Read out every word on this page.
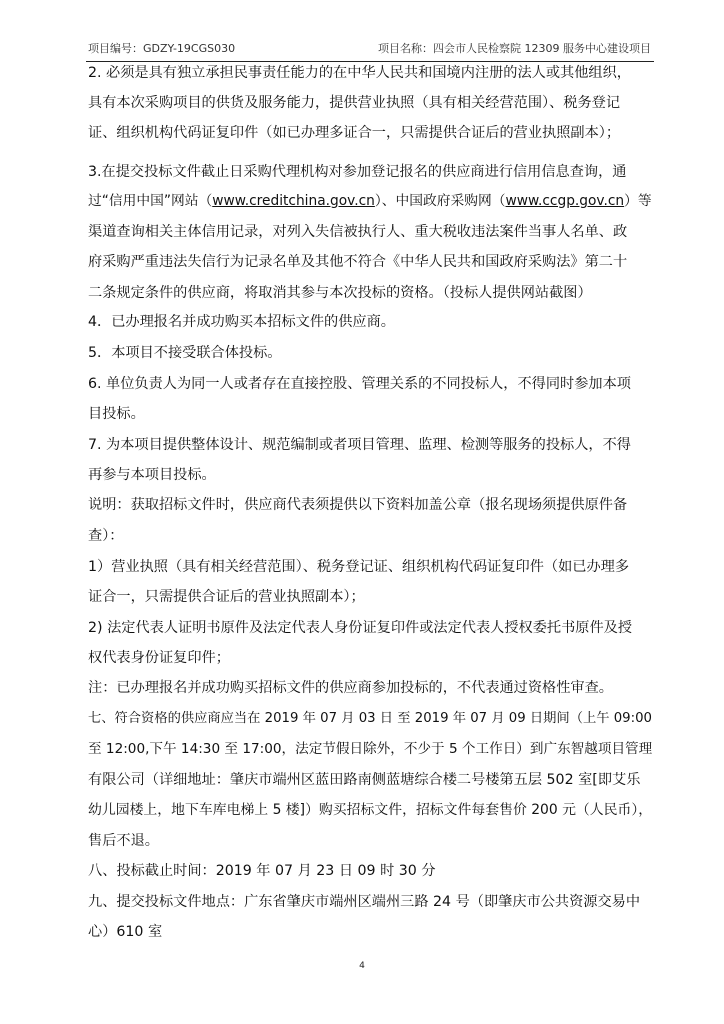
项目编号：GDZY-19CGS030	项目名称：四会市人民检察院 12309 服务中心建设项目
2. 必须是具有独立承担民事责任能力的在中华人民共和国境内注册的法人或其他组织，
具有本次采购项目的供货及服务能力，提供营业执照（具有相关经营范围）、税务登记
证、组织机构代码证复印件（如已办理多证合一，只需提供合证后的营业执照副本）；
3.在提交投标文件截止日采购代理机构对参加登记报名的供应商进行信用信息查询，通
过“信用中国”网站（www.creditchina.gov.cn）、中国政府采购网（www.ccgp.gov.cn）等
渠道查询相关主体信用记录，对列入失信被执行人、重大税收违法案件当事人名单、政
府采购严重违法失信行为记录名单及其他不符合《中华人民共和国政府采购法》第二十
二条规定条件的供应商，将取消其参与本次投标的资格。（投标人提供网站截图）
4．已办理报名并成功购买本招标文件的供应商。
5．本项目不接受联合体投标。
6. 单位负责人为同一人或者存在直接控股、管理关系的不同投标人，不得同时参加本项
目投标。
7. 为本项目提供整体设计、规范编制或者项目管理、监理、检测等服务的投标人，不得
再参与本项目投标。
说明：获取招标文件时，供应商代表须提供以下资料加盖公章（报名现场须提供原件备
查）：
1）营业执照（具有相关经营范围）、税务登记证、组织机构代码证复印件（如已办理多
证合一，只需提供合证后的营业执照副本）；
2) 法定代表人证明书原件及法定代表人身份证复印件或法定代表人授权委托书原件及授
权代表身份证复印件；
注：已办理报名并成功购买招标文件的供应商参加投标的，不代表通过资格性审查。
七、符合资格的供应商应当在 2019 年 07 月 03 日 至 2019 年 07 月 09 日期间（上午 09:00
至 12:00,下午 14:30 至 17:00，法定节假日除外，不少于 5 个工作日）到广东智越项目管理
有限公司（详细地址：肇庆市端州区蓝田路南侧蓝塘综合楼二号楼第五层 502 室[即艾乐
幼儿园楼上，地下车库电梯上 5 楼]）购买招标文件，招标文件每套售价 200 元（人民币），
售后不退。
八、投标截止时间：2019 年 07 月 23 日 09 时 30 分
九、提交投标文件地点：广东省肇庆市端州区端州三路 24 号（即肇庆市公共资源交易中
心）610 室
4
